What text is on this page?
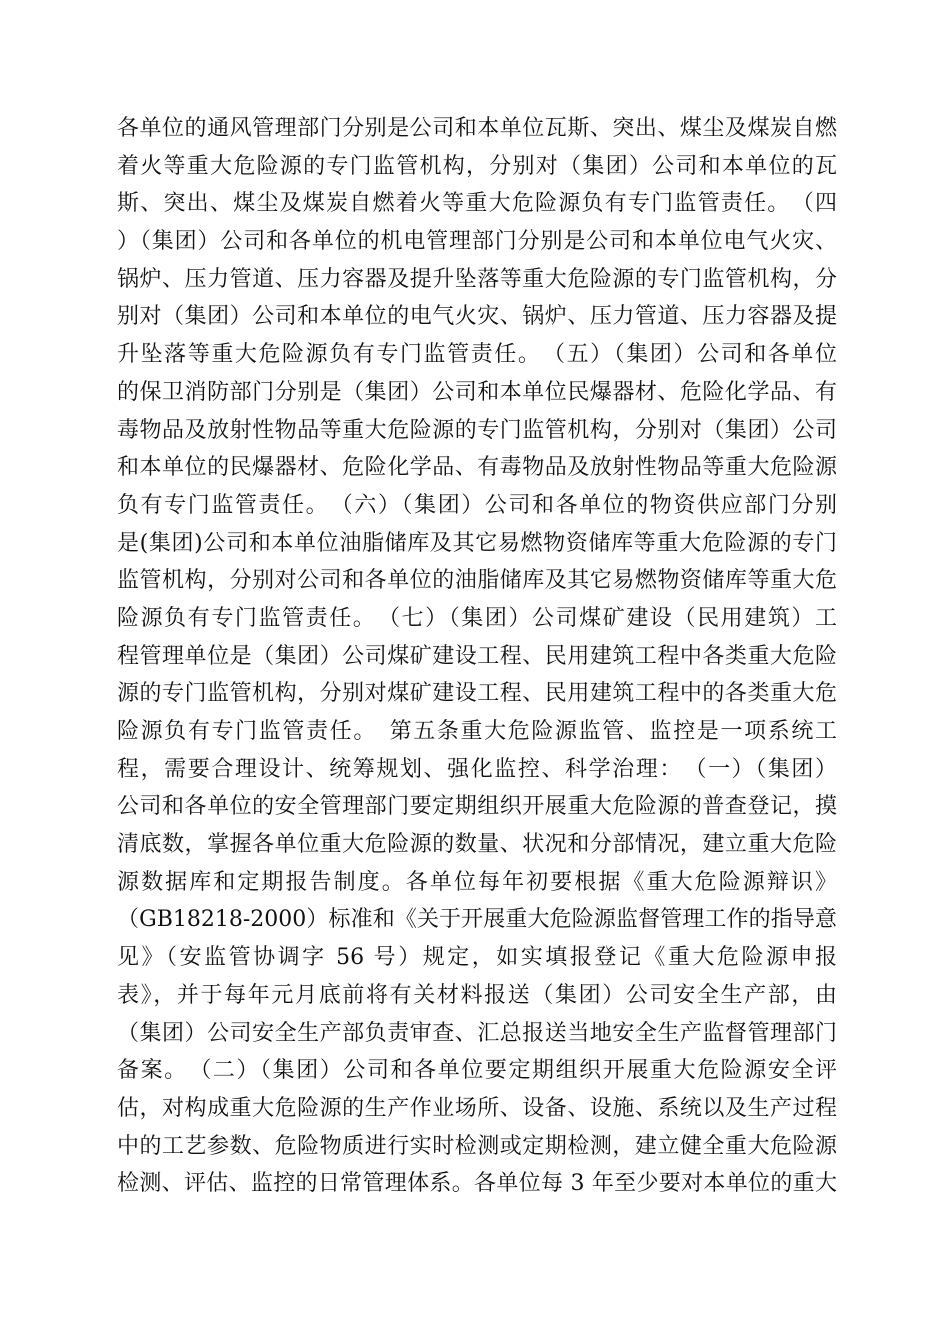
各单位的通风管理部门分别是公司和本单位瓦斯、突出、煤尘及煤炭自燃
着火等重大危险源的专门监管机构，分别对（集团）公司和本单位的瓦
斯、突出、煤尘及煤炭自燃着火等重大危险源负有专门监管责任。　（四
）（集团）公司和各单位的机电管理部门分别是公司和本单位电气火灾、
锅炉、压力管道、压力容器及提升坠落等重大危险源的专门监管机构，分
别对（集团）公司和本单位的电气火灾、锅炉、压力管道、压力容器及提
升坠落等重大危险源负有专门监管责任。　（五）（集团）公司和各单位
的保卫消防部门分别是（集团）公司和本单位民爆器材、危险化学品、有
毒物品及放射性物品等重大危险源的专门监管机构，分别对（集团）公司
和本单位的民爆器材、危险化学品、有毒物品及放射性物品等重大危险源
负有专门监管责任。　（六）（集团）公司和各单位的物资供应部门分别
是(集团)公司和本单位油脂储库及其它易燃物资储库等重大危险源的专门
监管机构，分别对公司和各单位的油脂储库及其它易燃物资储库等重大危
险源负有专门监管责任。　（七）（集团）公司煤矿建设（民用建筑）工
程管理单位是（集团）公司煤矿建设工程、民用建筑工程中各类重大危险
源的专门监管机构，分别对煤矿建设工程、民用建筑工程中的各类重大危
险源负有专门监管责任。　第五条重大危险源监管、监控是一项系统工
程，需要合理设计、统筹规划、强化监控、科学治理：　（一）（集团）
公司和各单位的安全管理部门要定期组织开展重大危险源的普查登记，摸
清底数，掌握各单位重大危险源的数量、状况和分部情况，建立重大危险
源数据库和定期报告制度。各单位每年初要根据《重大危险源辩识》
（GB18218-2000）标准和《关于开展重大危险源监督管理工作的指导意
见》（安监管协调字 56 号）规定，如实填报登记《重大危险源申报
表》，并于每年元月底前将有关材料报送（集团）公司安全生产部，由
（集团）公司安全生产部负责审查、汇总报送当地安全生产监督管理部门
备案。　（二）（集团）公司和各单位要定期组织开展重大危险源安全评
估，对构成重大危险源的生产作业场所、设备、设施、系统以及生产过程
中的工艺参数、危险物质进行实时检测或定期检测，建立健全重大危险源
检测、评估、监控的日常管理体系。各单位每 3 年至少要对本单位的重大
